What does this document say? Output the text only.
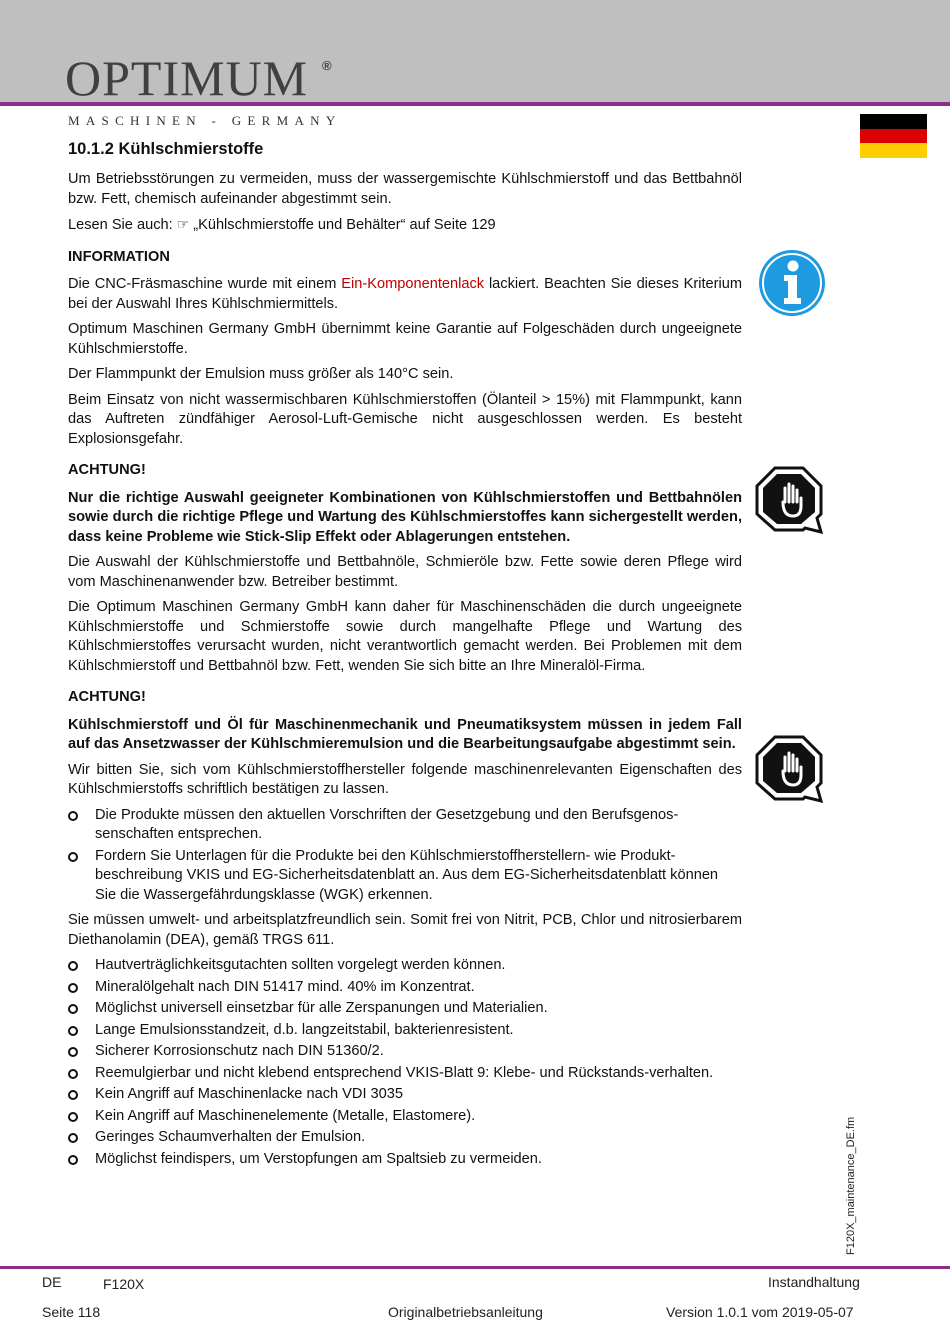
OPTIMUM ®
MASCHINEN - GERMANY
10.1.2 Kühlschmierstoffe

Um Betriebsstörungen zu vermeiden, muss der wassergemischte Kühlschmierstoff und das Bettbahnöl bzw. Fett, chemisch aufeinander abgestimmt sein.

Lesen Sie auch: ☞ „Kühlschmierstoffe und Behälter“ auf Seite 129

INFORMATION

Die CNC-Fräsmaschine wurde mit einem Ein-Komponentenlack lackiert. Beachten Sie dieses Kriterium bei der Auswahl Ihres Kühlschmiermittels.

Optimum Maschinen Germany GmbH übernimmt keine Garantie auf Folgeschäden durch ungeeignete Kühlschmierstoffe.

Der Flammpunkt der Emulsion muss größer als 140°C sein.

Beim Einsatz von nicht wassermischbaren Kühlschmierstoffen (Ölanteil > 15%) mit Flammpunkt, kann das Auftreten zündfähiger Aerosol-Luft-Gemische nicht ausgeschlossen werden. Es besteht Explosionsgefahr.

ACHTUNG!

Nur die richtige Auswahl geeigneter Kombinationen von Kühlschmierstoffen und Bettbahnölen sowie durch die richtige Pflege und Wartung des Kühlschmierstoffes kann sichergestellt werden, dass keine Probleme wie Stick-Slip Effekt oder Ablagerungen entstehen.

Die Auswahl der Kühlschmierstoffe und Bettbahnöle, Schmieröle bzw. Fette sowie deren Pflege wird vom Maschinenanwender bzw. Betreiber bestimmt.

Die Optimum Maschinen Germany GmbH kann daher für Maschinenschäden die durch ungeeignete Kühlschmierstoffe und Schmierstoffe sowie durch mangelhafte Pflege und Wartung des Kühlschmierstoffes verursacht wurden, nicht verantwortlich gemacht werden. Bei Problemen mit dem Kühlschmierstoff und Bettbahnöl bzw. Fett, wenden Sie sich bitte an Ihre Mineralöl-Firma.

ACHTUNG!

Kühlschmierstoff und Öl für Maschinenmechanik und Pneumatiksystem müssen in jedem Fall auf das Ansetzwasser der Kühlschmieremulsion und die Bearbeitungsaufgabe abgestimmt sein.

Wir bitten Sie, sich vom Kühlschmierstoffhersteller folgende maschinenrelevanten Eigenschaften des Kühlschmierstoffs schriftlich bestätigen zu lassen.

Die Produkte müssen den aktuellen Vorschriften der Gesetzgebung und den Berufsgenossenschaften entsprechen.
Fordern Sie Unterlagen für die Produkte bei den Kühlschmierstoffherstellern- wie Produktbeschreibung VKIS und EG-Sicherheitsdatenblatt an. Aus dem EG-Sicherheitsdatenblatt können Sie die Wassergefährdungsklasse (WGK) erkennen.

Sie müssen umwelt- und arbeitsplatzfreundlich sein. Somit frei von Nitrit, PCB, Chlor und nitrosierbarem Diethanolamin (DEA), gemäß TRGS 611.

Hautverträglichkeitsgutachten sollten vorgelegt werden können.
Mineralölgehalt nach DIN 51417 mind. 40% im Konzentrat.
Möglichst universell einsetzbar für alle Zerspanungen und Materialien.
Lange Emulsionsstandzeit, d.b. langzeitstabil, bakterienresistent.
Sicherer Korrosionschutz nach DIN 51360/2.
Reemulgierbar und nicht klebend entsprechend VKIS-Blatt 9: Klebe- und Rückstands-verhalten.
Kein Angriff auf Maschinenlacke nach VDI 3035
Kein Angriff auf Maschinenelemente (Metalle, Elastomere).
Geringes Schaumverhalten der Emulsion.
Möglichst feindispers, um Verstopfungen am Spaltsieb zu vermeiden.	F120X_maintenance_DE.fm
DE	F120X	Instandhaltung
Seite 118	Originalbetriebsanleitung	Version 1.0.1 vom 2019-05-07
